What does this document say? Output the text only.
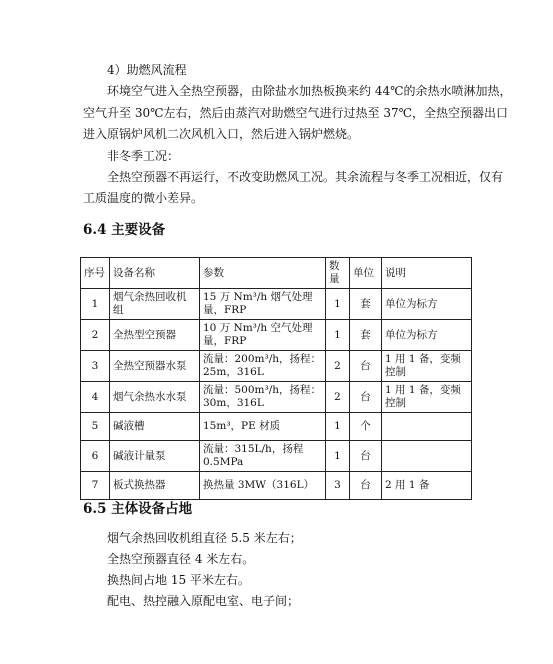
4）助燃风流程
环境空气进入全热空预器，由除盐水加热板换来约 44℃的余热水喷淋加热，
空气升至 30℃左右，然后由蒸汽对助燃空气进行过热至 37℃，全热空预器出口
进入原锅炉风机二次风机入口，然后进入锅炉燃烧。
非冬季工况：
全热空预器不再运行，不改变助燃风工况。其余流程与冬季工况相近，仅有
工质温度的微小差异。
6.4 主要设备
序号	设备名称	参数	数量	单位	说明
1	烟气余热回收机组	15 万 Nm³/h 烟气处理量，FRP	1	套	单位为标方
2	全热型空预器	10 万 Nm³/h 空气处理量，FRP	1	套	单位为标方
3	全热空预器水泵	流量：200m³/h，扬程：25m，316L	2	台	1 用 1 备，变频控制
4	烟气余热水水泵	流量：500m³/h，扬程：30m，316L	2	台	1 用 1 备，变频控制
5	碱液槽	15m³，PE 材质	1	个	
6	碱液计量泵	流量：315L/h，扬程 0.5MPa	1	台	
7	板式换热器	换热量 3MW（316L）	3	台	2 用 1 备
6.5 主体设备占地
烟气余热回收机组直径 5.5 米左右；
全热空预器直径 4 米左右。
换热间占地 15 平米左右。
配电、热控融入原配电室、电子间；
